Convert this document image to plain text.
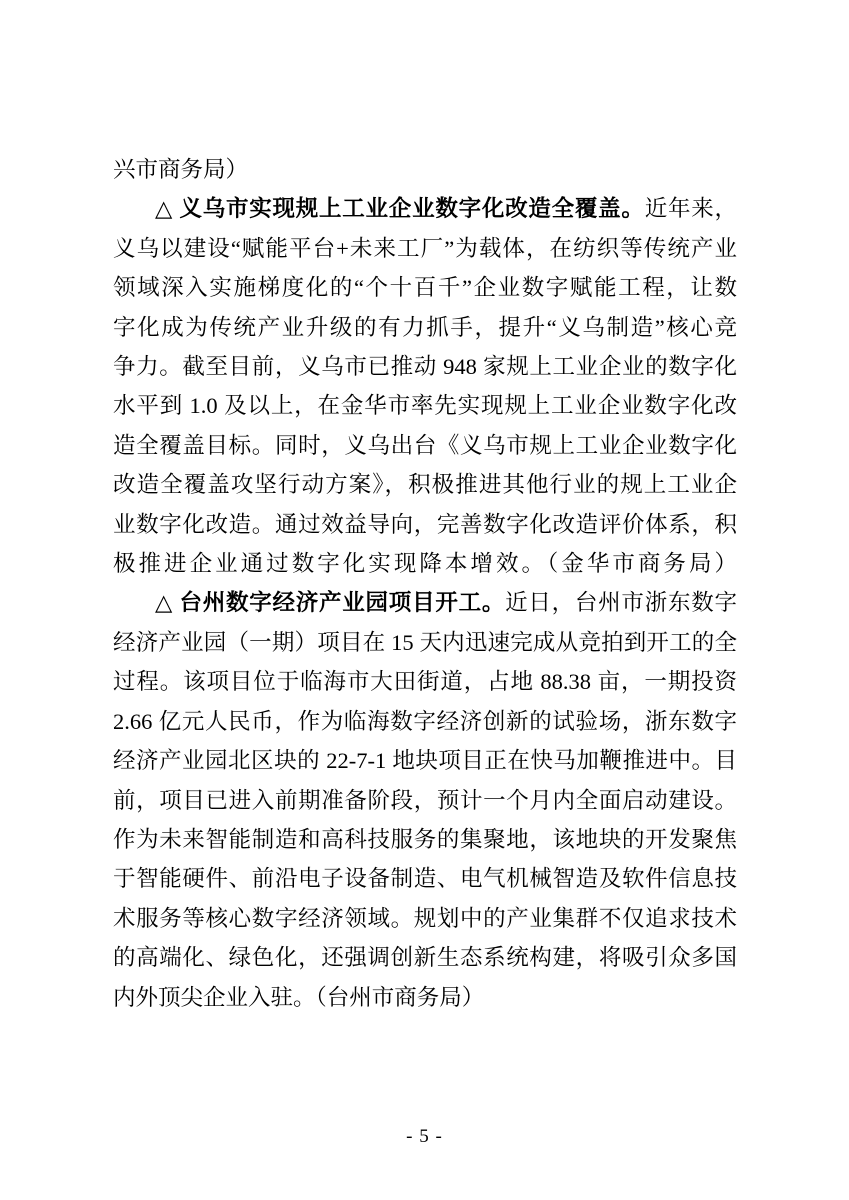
兴市商务局）
△ 义乌市实现规上工业企业数字化改造全覆盖。近年来，
义乌以建设“赋能平台+未来工厂”为载体，在纺织等传统产业
领域深入实施梯度化的“个十百千”企业数字赋能工程，让数
字化成为传统产业升级的有力抓手，提升“义乌制造”核心竞
争力。截至目前，义乌市已推动 948 家规上工业企业的数字化
水平到 1.0 及以上，在金华市率先实现规上工业企业数字化改
造全覆盖目标。同时，义乌出台《义乌市规上工业企业数字化
改造全覆盖攻坚行动方案》，积极推进其他行业的规上工业企
业数字化改造。通过效益导向，完善数字化改造评价体系，积
极推进企业通过数字化实现降本增效。（金华市商务局）
△ 台州数字经济产业园项目开工。近日，台州市浙东数字
经济产业园（一期）项目在 15 天内迅速完成从竞拍到开工的全
过程。该项目位于临海市大田街道，占地 88.38 亩，一期投资
2.66 亿元人民币，作为临海数字经济创新的试验场，浙东数字
经济产业园北区块的 22-7-1 地块项目正在快马加鞭推进中。目
前，项目已进入前期准备阶段，预计一个月内全面启动建设。
作为未来智能制造和高科技服务的集聚地，该地块的开发聚焦
于智能硬件、前沿电子设备制造、电气机械智造及软件信息技
术服务等核心数字经济领域。规划中的产业集群不仅追求技术
的高端化、绿色化，还强调创新生态系统构建，将吸引众多国
内外顶尖企业入驻。（台州市商务局）
- 5 -
